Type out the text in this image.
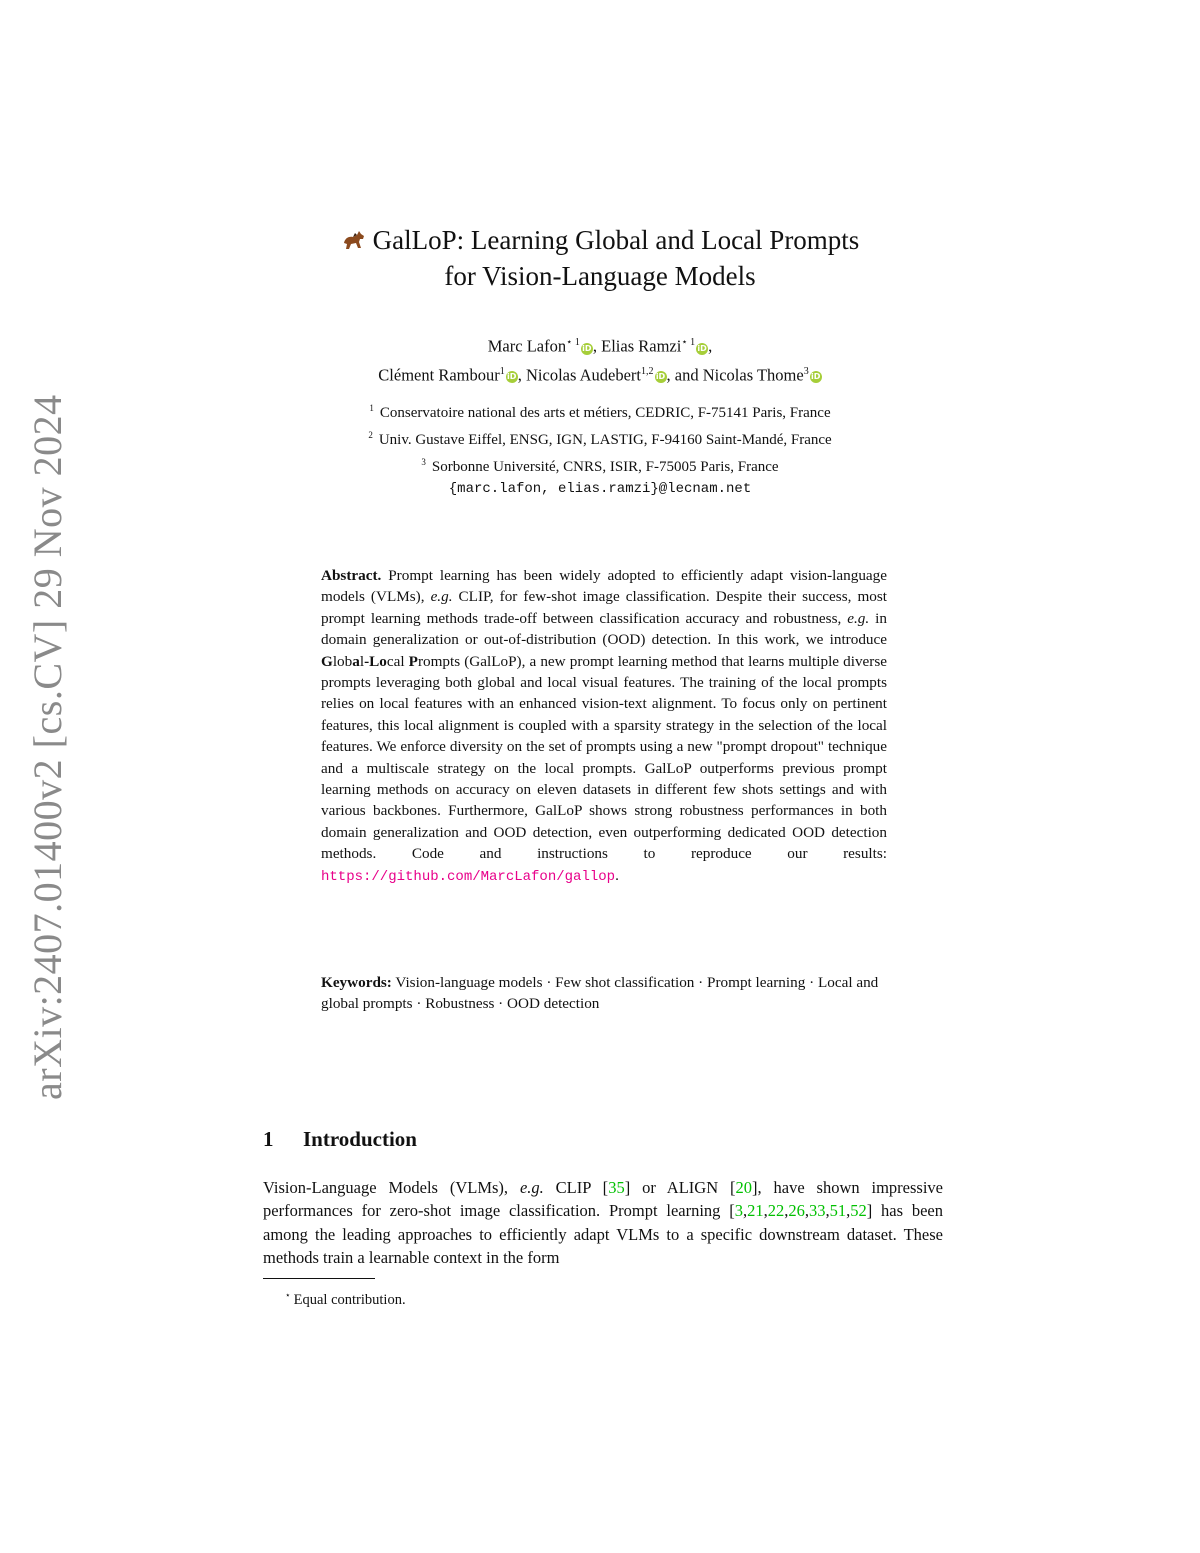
arXiv:2407.01400v2 [cs.CV] 29 Nov 2024
GalLoP: Learning Global and Local Prompts
for Vision-Language Models
Marc Lafon$^{⋆ 1}$ iD, Elias Ramzi$^{⋆ 1}$ iD,
Clément Rambour$^1$ iD, Nicolas Audebert$^{1,2}$ iD, and Nicolas Thome$^3$ iD
$^1$ Conservatoire national des arts et métiers, CEDRIC, F-75141 Paris, France
$^2$ Univ. Gustave Eiffel, ENSG, IGN, LASTIG, F-94160 Saint-Mandé, France
$^3$ Sorbonne Université, CNRS, ISIR, F-75005 Paris, France
{marc.lafon, elias.ramzi}@lecnam.net
Abstract. Prompt learning has been widely adopted to efficiently adapt vision-language models (VLMs), e.g. CLIP, for few-shot image classification. Despite their success, most prompt learning methods trade-off between classification accuracy and robustness, e.g. in domain generalization or out-of-distribution (OOD) detection. In this work, we introduce Global-Local Prompts (GalLoP), a new prompt learning method that learns multiple diverse prompts leveraging both global and local visual features. The training of the local prompts relies on local features with an enhanced vision-text alignment. To focus only on pertinent features, this local alignment is coupled with a sparsity strategy in the selection of the local features. We enforce diversity on the set of prompts using a new "prompt dropout" technique and a multiscale strategy on the local prompts. GalLoP outperforms previous prompt learning methods on accuracy on eleven datasets in different few shots settings and with various backbones. Furthermore, GalLoP shows strong robustness performances in both domain generalization and OOD detection, even outperforming dedicated OOD detection methods. Code and instructions to reproduce our results: https://github.com/MarcLafon/gallop.
Keywords: Vision-language models · Few shot classification · Prompt learning · Local and global prompts · Robustness · OOD detection
1 Introduction
Vision-Language Models (VLMs), e.g. CLIP [35] or ALIGN [20], have shown impressive performances for zero-shot image classification. Prompt learning [3,21,22,26,33,51,52] has been among the leading approaches to efficiently adapt VLMs to a specific downstream dataset. These methods train a learnable context in the form
⋆ Equal contribution.
